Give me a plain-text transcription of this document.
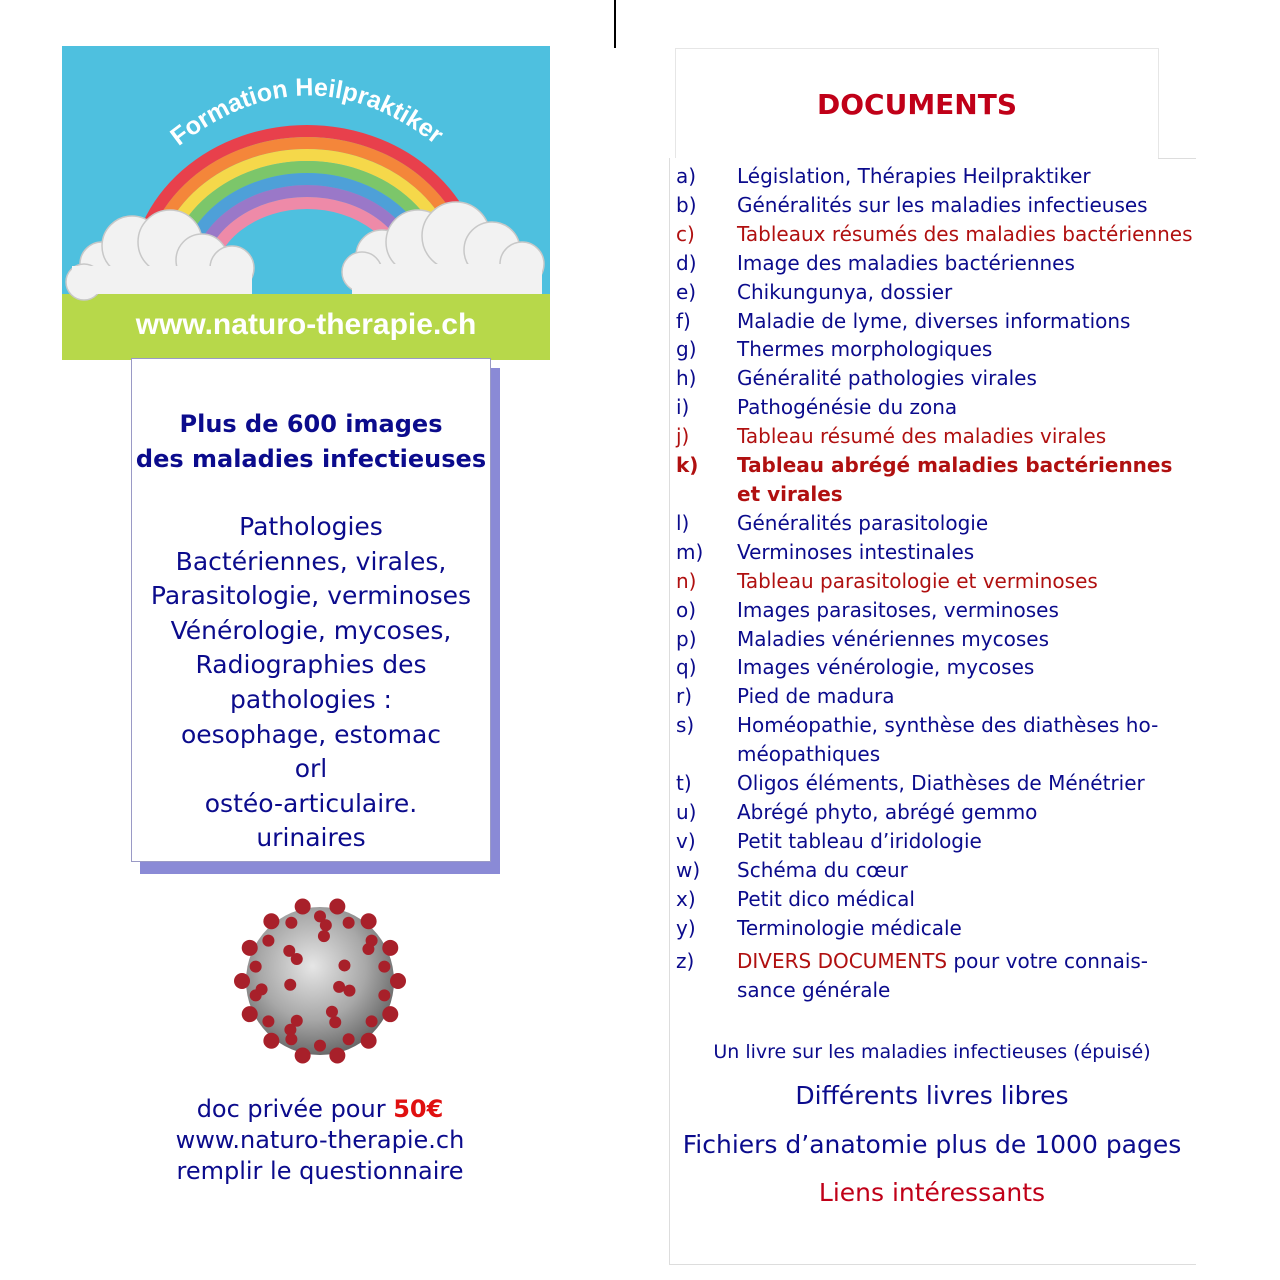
Formation Heilpraktiker
www.naturo-therapie.ch
Plus de 600 images
des maladies infectieuses
Pathologies
Bactériennes, virales,
Parasitologie, verminoses
Vénérologie, mycoses,
Radiographies des
pathologies :
oesophage, estomac
orl
ostéo-articulaire.
urinaires
doc privée pour 50€
www.naturo-therapie.ch
remplir le questionnaire
DOCUMENTS
a)	Législation, Thérapies Heilpraktiker
b)	Généralités sur les maladies infectieuses
c)	Tableaux résumés des maladies bactériennes
d)	Image des maladies bactériennes
e)	Chikungunya, dossier
f)	Maladie de lyme, diverses informations
g)	Thermes morphologiques
h)	Généralité pathologies virales
i)	Pathogénésie du zona
j)	Tableau résumé des maladies virales
k)	Tableau abrégé maladies bactériennes et virales
l)	Généralités parasitologie
m)	Verminoses intestinales
n)	Tableau parasitologie et verminoses
o)	Images parasitoses, verminoses
p)	Maladies vénériennes mycoses
q)	Images vénérologie, mycoses
r)	Pied de madura
s)	Homéopathie, synthèse des diathèses ho-méopathiques
t)	Oligos éléments, Diathèses de Ménétrier
u)	Abrégé phyto, abrégé gemmo
v)	Petit tableau d’iridologie
w)	Schéma du cœur
x)	Petit dico médical
y)	Terminologie médicale
z)	DIVERS DOCUMENTS pour votre connais-sance générale
Un livre sur les maladies infectieuses (épuisé)
Différents livres libres
Fichiers d’anatomie plus de 1000 pages
Liens intéressants
